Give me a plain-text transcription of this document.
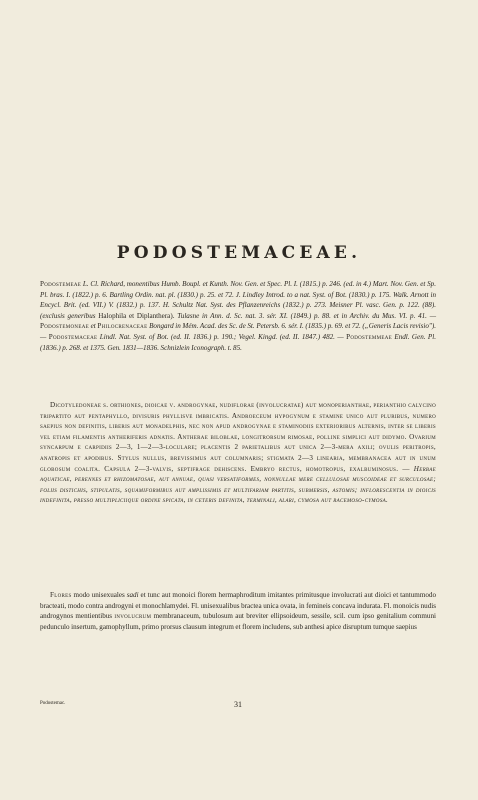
PODOSTEMACEAE.

Podostemeae L. Cl. Richard, monentibus Humb. Boupl. et Kunth. Nov. Gen. et Spec. Pl. I. (1815.) p. 246. (ed. in 4.) Mart. Nov. Gen. et Sp. Pl. bras. I. (1822.) p. 6. Bartling Ordin. nat. pl. (1830.) p. 25. et 72. J. Lindley Introd. to a nat. Syst. of Bot. (1830.) p. 175. Walk. Arnott in Encycl. Brit. (ed. VII.) V. (1832.) p. 137. H. Schultz Nat. Syst. des Pflanzenreichs (1832.) p. 273. Meisner Pl. vasc. Gen. p. 122. (88). (exclusis generibus Halophila et Diplanthera). Tulasne in Ann. d. Sc. nat. 3. sér. XI. (1849.) p. 88. et in Archiv. du Mus. VI. p. 41. — Podostemoneae et Philocrenaceae Bongard in Mém. Acad. des Sc. de St. Petersb. 6. sér. I. (1835.) p. 69. et 72. („Generis Lacis revisio"). — Podostemaceae Lindl. Nat. Syst. of Bot. (ed. II. 1836.) p. 190.; Vegel. Kingd. (ed. II. 1847.) 482. — Podostemmeae Endl. Gen. Pl. (1836.) p. 268. et 1375. Gen. 1831—1836. Schnizlein Iconograph. t. 85.

Dicotyledoneae s. orthiones, dioicae v. androgynae, nudiflorae (involucratae) aut monoperianthae, perianthio calycino tripartito aut pentaphyllo, divisuris phyllisve imbricatis. Androeceum hypogynum e stamine unico aut pluribus, numero saepius non definitis, liberis aut monadelphis, nec non apud androgynae e staminodiis exterioribus alternis, inter se liberis vel etiam filamentis antheriferis adnatis. Antherae biloblae, longitrorsum rimosae, polline simplici aut didymo. Ovarium syncarpum e carpidiis 2—3, 1—2—3-loculare; placentis 2 parietalibus aut unica 2—3-mera axili; ovulis peritropis, anatropis et apodibus. Stylus nullus, brevissimus aut columnaris; stigmata 2—3 linearia, membranacea aut in unum globosum coalita. Capsula 2—3-valvis, septifrage dehiscens. Embryo rectus, homotropus, exalbuminosus. — Herbae aquaticae, perennes et rhizomatosae, aut annuae, quasi versatiformes, nonnullae mere cellulosae muscoideae et surculosae; foliis distichis, stipulatis, squamiformibus aut amplissimis et multifariam partitis, submersis, astomis; inflorescentia in dioicis indefinita, presso multipliciique ordine spicata, in ceteris definita, terminali, alari, cymosa aut racemoso-cymosa.

Flores modo unisexuales sadi et tunc aut monoici florem hermaphroditum imitantes primitusque involucrati aut dioici et tantummodo bracteati, modo contra androgyni et monochlamydei. Fl. unisexualibus bractea unica ovata, in femineis concava indurata. Fl. monoicis nudis androgynos mentientibus involucrum membranaceum, tubulosum aut breviter ellipsoideum, sessile, scil. cum ipso genitalium communi pedunculo insertum, gamophyllum, primo prorsus clausum integrum et florem includens, sub anthesi apice disruptum tumque saepius

Podostemac.	31
